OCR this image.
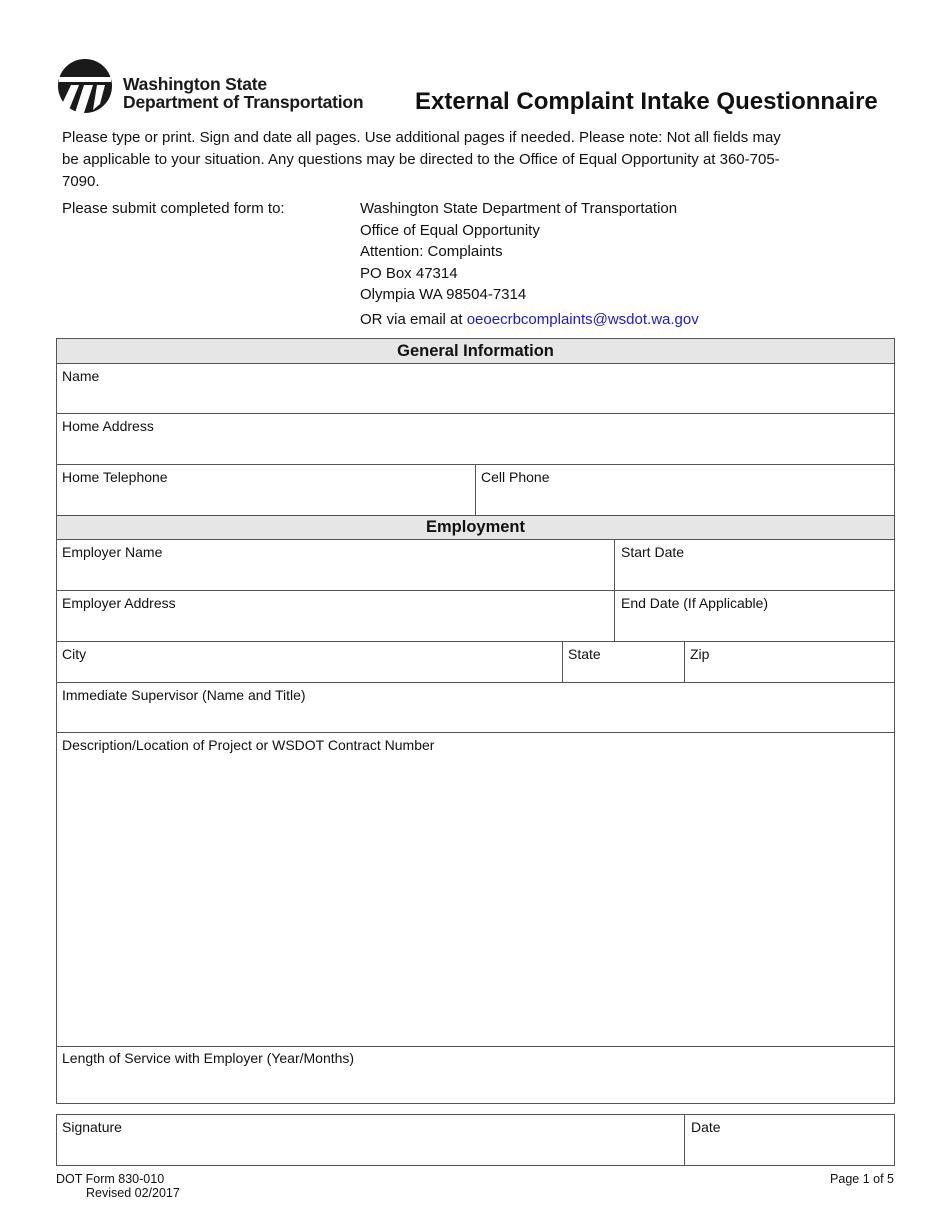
Washington State
Department of Transportation External Complaint Intake Questionnaire
Please type or print. Sign and date all pages. Use additional pages if needed. Please note: Not all fields may be applicable to your situation. Any questions may be directed to the Office of Equal Opportunity at 360-705-7090.
Please submit completed form to:	Washington State Department of Transportation
Office of Equal Opportunity
Attention: Complaints
PO Box 47314
Olympia WA 98504-7314
OR via email at oeoecrbcomplaints@wsdot.wa.gov
General Information
Name
Home Address
Home Telephone	Cell Phone
Employment
Employer Name	Start Date
Employer Address	End Date (If Applicable)
City	State	Zip
Immediate Supervisor (Name and Title)
Description/Location of Project or WSDOT Contract Number
Length of Service with Employer (Year/Months)
Signature	Date
DOT Form 830-010
Revised 02/2017
Page 1 of 5
